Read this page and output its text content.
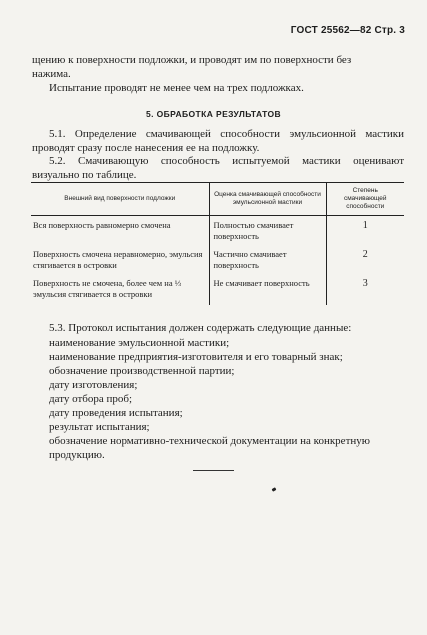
ГОСТ 25562—82 Стр. 3

щению к поверхности подложки, и проводят им по поверхности без

нажима.

Испытание проводят не менее чем на трех подложках.

5. ОБРАБОТКА РЕЗУЛЬТАТОВ

5.1. Определение смачивающей способности эмульсионной мастики проводят сразу после нанесения ее на подложку.

5.2. Смачивающую способность испытуемой мастики оценивают визуально по таблице.

Внешний вид поверхности подложки	Оценка смачивающей способности эмульсионной мастики	Степень смачивающей способности
Вся поверхность равномерно смочена	Полностью смачивает поверхность	1
Поверхность смочена неравномерно, эмульсия стягивается в островки	Частично смачивает поверхность	2
Поверхность не смочена, более чем на ⅓ эмульсия стягивается в островки	Не смачивает поверхность	3

5.3. Протокол испытания должен содержать следующие данные:

наименование эмульсионной мастики;
наименование предприятия-изготовителя и его товарный знак;
обозначение производственной партии;
дату изготовления;
дату отбора проб;
дату проведения испытания;
результат испытания;
обозначение нормативно-технической документации на конкретную продукцию.
